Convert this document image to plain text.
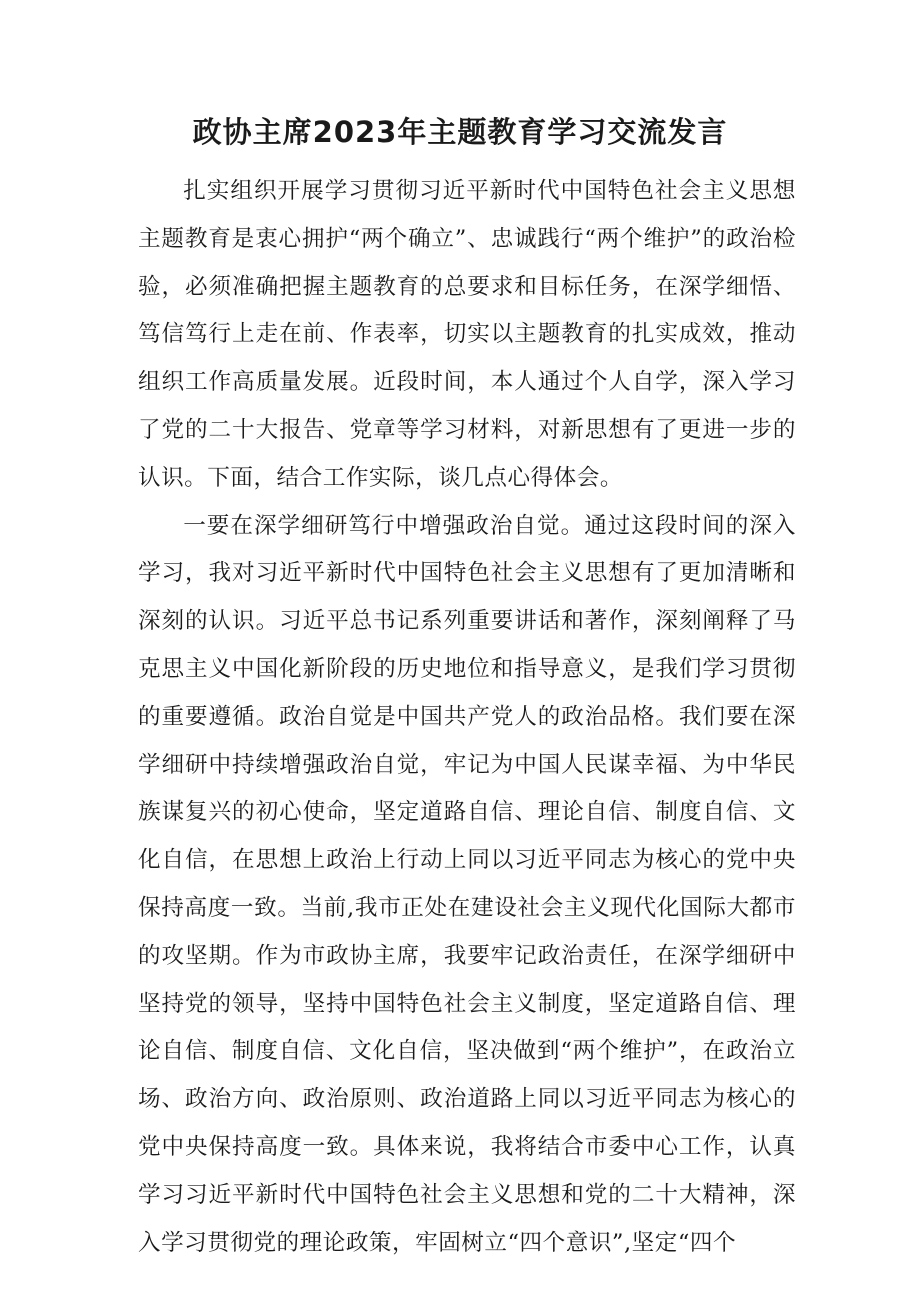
政协主席2023年主题教育学习交流发言

扎实组织开展学习贯彻习近平新时代中国特色社会主义思想主题教育是衷心拥护“两个确立”、忠诚践行“两个维护”的政治检验，必须准确把握主题教育的总要求和目标任务，在深学细悟、笃信笃行上走在前、作表率，切实以主题教育的扎实成效，推动组织工作高质量发展。近段时间，本人通过个人自学，深入学习了党的二十大报告、党章等学习材料，对新思想有了更进一步的认识。下面，结合工作实际，谈几点心得体会。

一要在深学细研笃行中增强政治自觉。通过这段时间的深入学习，我对习近平新时代中国特色社会主义思想有了更加清晰和深刻的认识。习近平总书记系列重要讲话和著作，深刻阐释了马克思主义中国化新阶段的历史地位和指导意义，是我们学习贯彻的重要遵循。政治自觉是中国共产党人的政治品格。我们要在深学细研中持续增强政治自觉，牢记为中国人民谋幸福、为中华民族谋复兴的初心使命，坚定道路自信、理论自信、制度自信、文化自信，在思想上政治上行动上同以习近平同志为核心的党中央保持高度一致。当前,我市正处在建设社会主义现代化国际大都市的攻坚期。作为市政协主席，我要牢记政治责任，在深学细研中坚持党的领导，坚持中国特色社会主义制度，坚定道路自信、理论自信、制度自信、文化自信，坚决做到“两个维护”，在政治立场、政治方向、政治原则、政治道路上同以习近平同志为核心的党中央保持高度一致。具体来说，我将结合市委中心工作，认真学习习近平新时代中国特色社会主义思想和党的二十大精神，深入学习贯彻党的理论政策，牢固树立“四个意识”,坚定“四个
